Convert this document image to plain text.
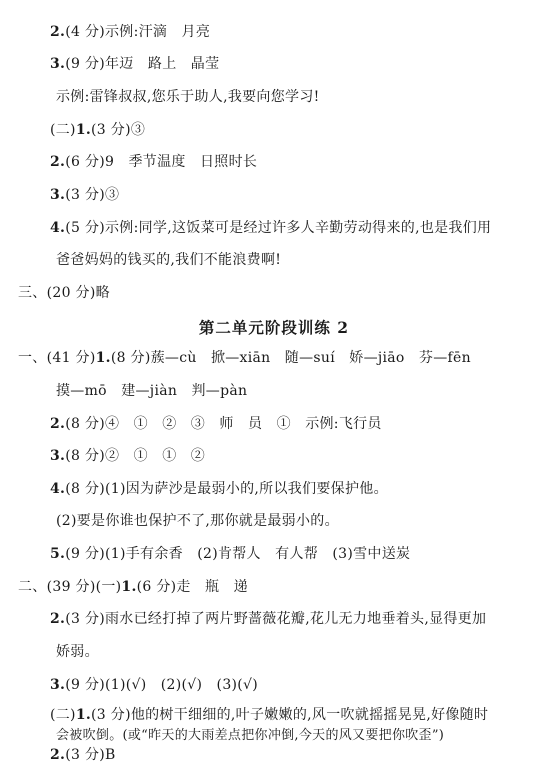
2.(4 分)示例:汗滴　月亮
3.(9 分)年迈　路上　晶莹
示例:雷锋叔叔,您乐于助人,我要向您学习!
(二)1.(3 分)③
2.(6 分)9　季节温度　日照时长
3.(3 分)③
4.(5 分)示例:同学,这饭菜可是经过许多人辛勤劳动得来的,也是我们用
爸爸妈妈的钱买的,我们不能浪费啊!
三、(20 分)略
第二单元阶段训练 2
一、(41 分)1.(8 分)蔟—cù　掀—xiān　随—suí　娇—jiāo　芬—fēn
摸—mō　建—jiàn　判—pàn
2.(8 分)④　①　②　③　师　员　①　示例:飞行员
3.(8 分)②　①　①　②
4.(8 分)(1)因为萨沙是最弱小的,所以我们要保护他。
(2)要是你谁也保护不了,那你就是最弱小的。
5.(9 分)(1)手有余香　(2)肯帮人　有人帮　(3)雪中送炭
二、(39 分)(一)1.(6 分)走　瓶　递
2.(3 分)雨水已经打掉了两片野蔷薇花瓣,花儿无力地垂着头,显得更加
娇弱。
3.(9 分)(1)(√)　(2)(√)　(3)(√)
(二)1.(3 分)他的树干细细的,叶子嫩嫩的,风一吹就摇摇晃晃,好像随时
会被吹倒。(或“昨天的大雨差点把你冲倒,今天的风又要把你吹歪”)
2.(3 分)B
